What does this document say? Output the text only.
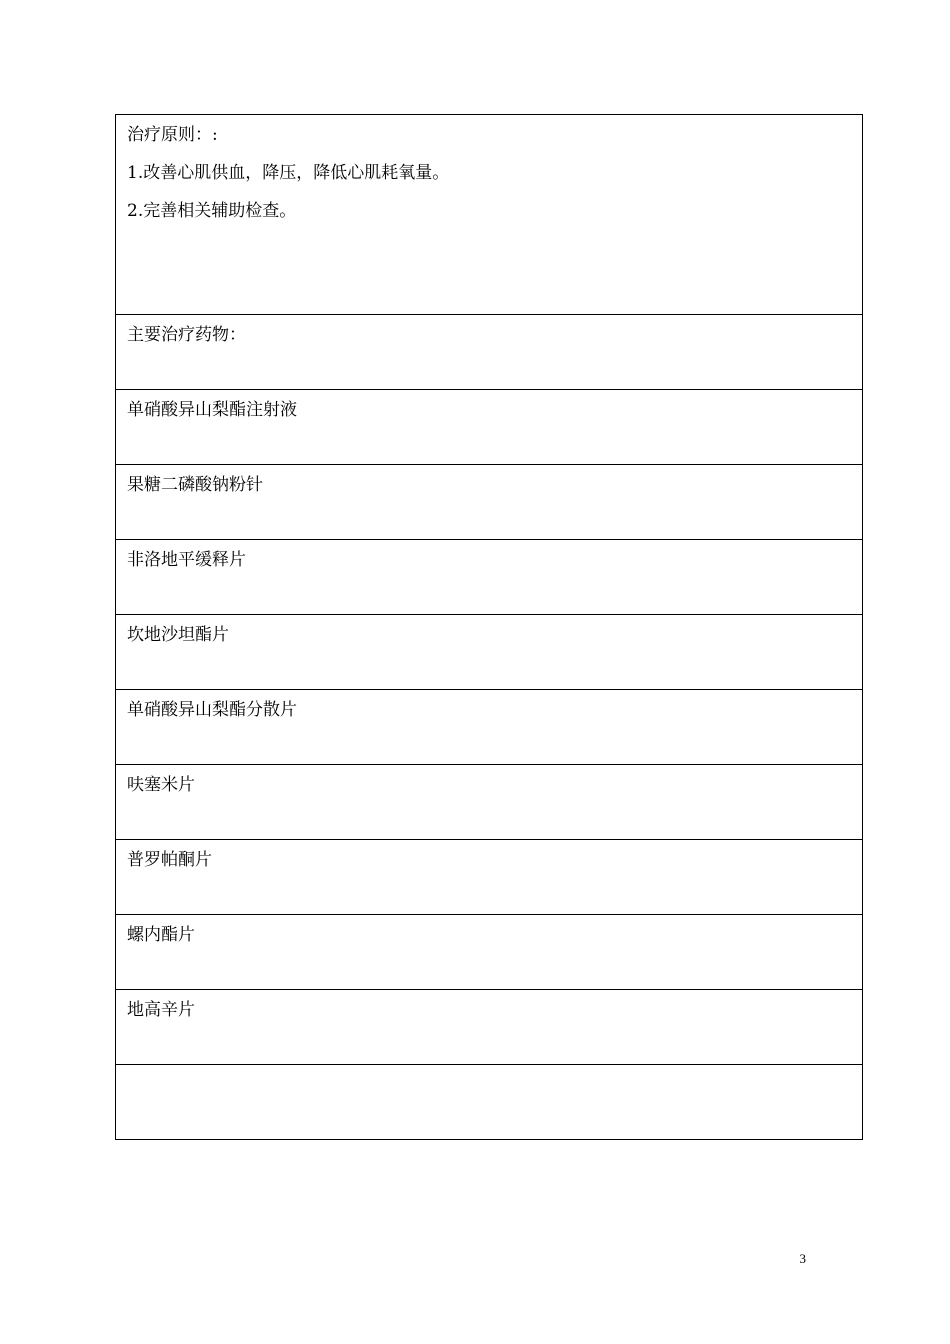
治疗原则：:
1.改善心肌供血，降压，降低心肌耗氧量。
2.完善相关辅助检查。

主要治疗药物：

单硝酸异山梨酯注射液

果糖二磷酸钠粉针

非洛地平缓释片

坎地沙坦酯片

单硝酸异山梨酯分散片

呋塞米片

普罗帕酮片

螺内酯片

地高辛片

3
